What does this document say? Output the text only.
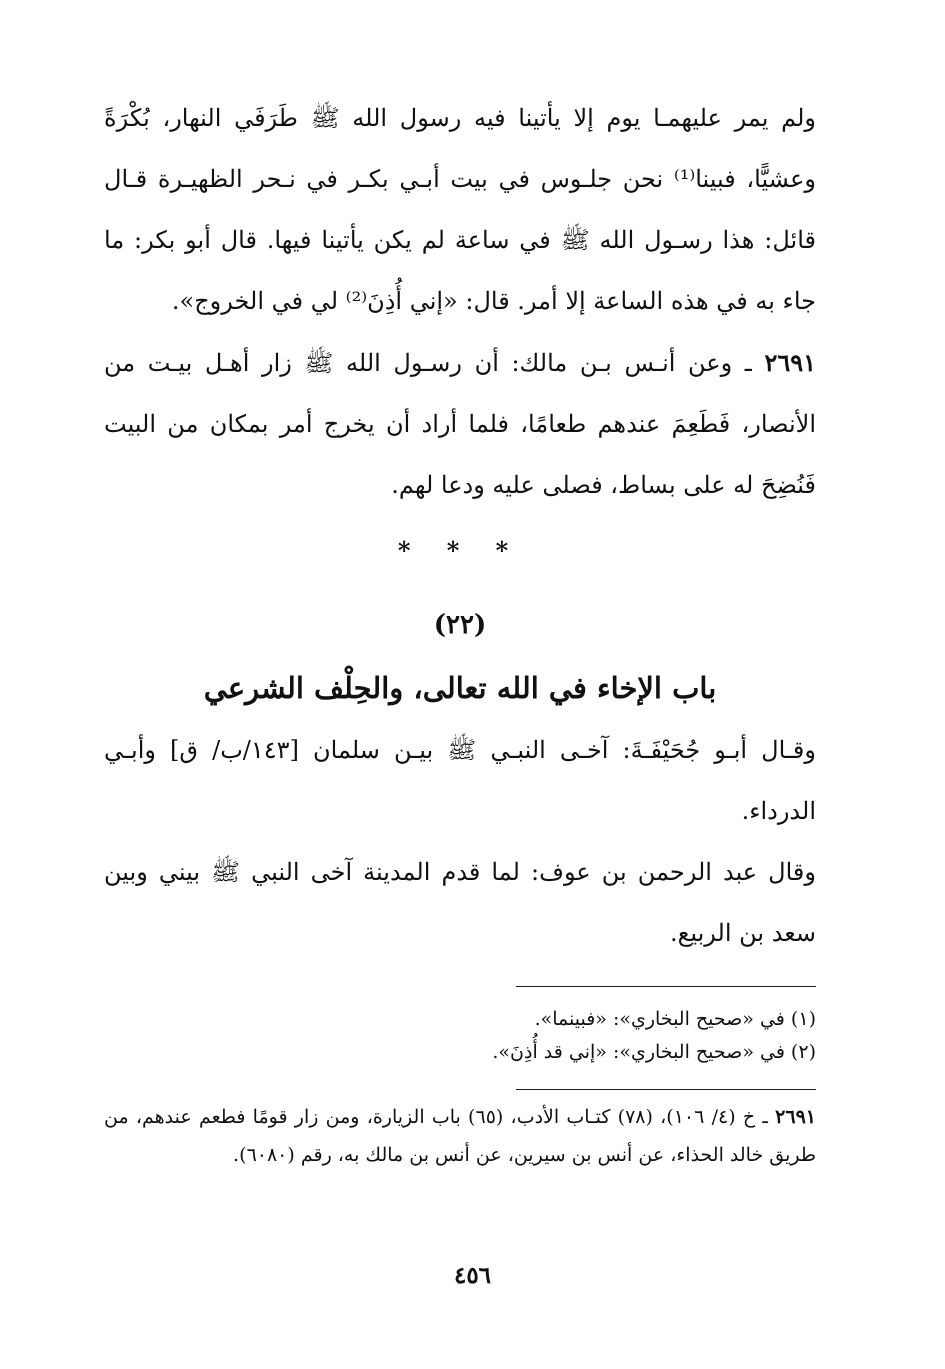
ولم يمر عليهمـا يوم إلا يأتينا فيه رسول الله ﷺ طَرَفَي النهار، بُكْرَةً وعشيًّا، فبينا⁽¹⁾ نحن جلـوس في بيت أبـي بكـر في نـحر الظهيـرة قـال قائل: هذا رسـول الله ﷺ في ساعة لم يكن يأتينا فيها. قال أبو بكر: ما جاء به في هذه الساعة إلا أمر. قال: «إني أُذِنَ⁽²⁾ لي في الخروج».

٢٦٩١ ـ وعن أنـس بـن مالك: أن رسـول الله ﷺ زار أهـل بيـت من الأنصار، فَطَعِمَ عندهم طعامًا، فلما أراد أن يخرج أمر بمكان من البيت فَنُضِحَ له على بساط، فصلى عليه ودعا لهم.

* * *
(٢٢)
باب الإخاء في الله تعالى، والحِلْف الشرعي

وقـال أبـو جُحَيْفَـةَ: آخـى النبـي ﷺ بيـن سلمان [١٤٣/ب/ ق] وأبـي الدرداء.

وقال عبد الرحمن بن عوف: لما قدم المدينة آخى النبي ﷺ بيني وبين سعد بن الربيع.

(١) في «صحيح البخاري»: «فبينما».

(٢) في «صحيح البخاري»: «إني قد أُذِنَ».

٢٦٩١ ـ خ (٤/ ١٠٦)، (٧٨) كتـاب الأدب، (٦٥) باب الزيارة، ومن زار قومًا فطعم عندهم، من طريق خالد الحذاء، عن أنس بن سيرين، عن أنس بن مالك به، رقم (٦٠٨٠).

٤٥٦
